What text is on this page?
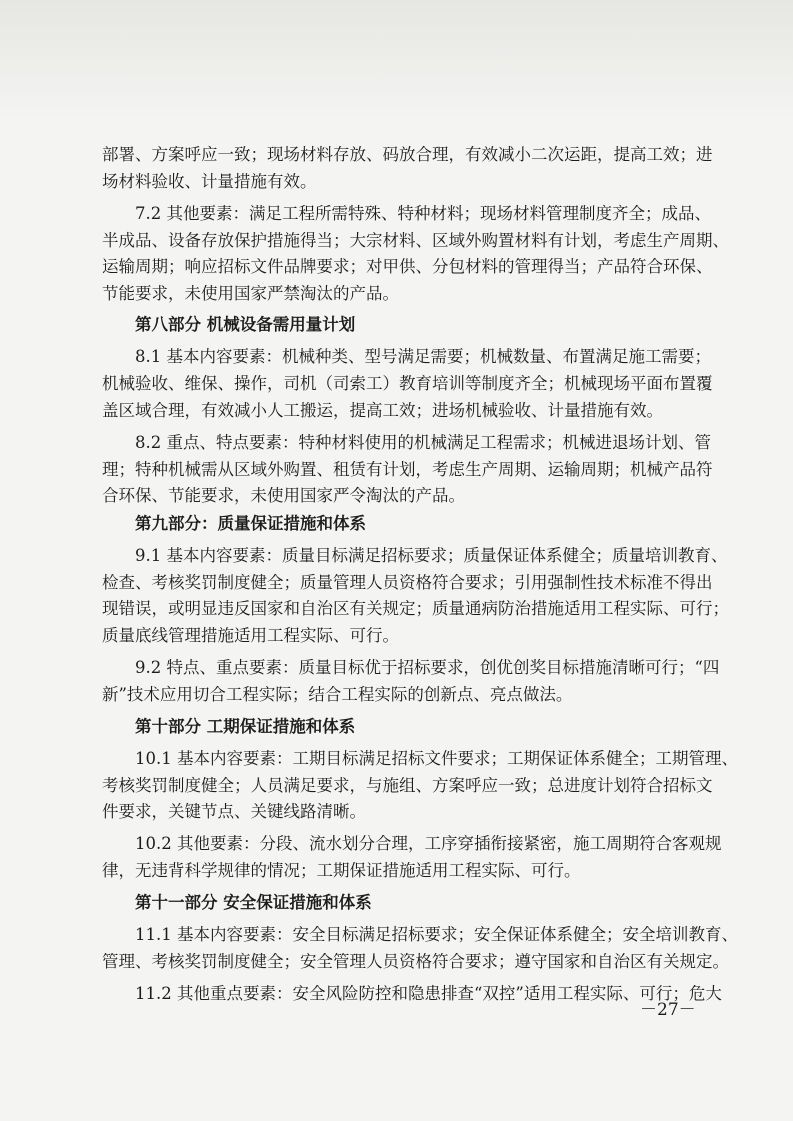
部署、方案呼应一致；现场材料存放、码放合理，有效减小二次运距，提高工效；进
场材料验收、计量措施有效。
7.2 其他要素：满足工程所需特殊、特种材料；现场材料管理制度齐全；成品、
半成品、设备存放保护措施得当；大宗材料、区域外购置材料有计划，考虑生产周期、
运输周期；响应招标文件品牌要求；对甲供、分包材料的管理得当；产品符合环保、
节能要求，未使用国家严禁淘汰的产品。
第八部分 机械设备需用量计划
8.1 基本内容要素：机械种类、型号满足需要；机械数量、布置满足施工需要；
机械验收、维保、操作，司机（司索工）教育培训等制度齐全；机械现场平面布置覆
盖区域合理，有效减小人工搬运，提高工效；进场机械验收、计量措施有效。
8.2 重点、特点要素：特种材料使用的机械满足工程需求；机械进退场计划、管
理；特种机械需从区域外购置、租赁有计划，考虑生产周期、运输周期；机械产品符
合环保、节能要求，未使用国家严令淘汰的产品。
第九部分：质量保证措施和体系
9.1 基本内容要素：质量目标满足招标要求；质量保证体系健全；质量培训教育、
检查、考核奖罚制度健全；质量管理人员资格符合要求；引用强制性技术标准不得出
现错误，或明显违反国家和自治区有关规定；质量通病防治措施适用工程实际、可行；
质量底线管理措施适用工程实际、可行。
9.2 特点、重点要素：质量目标优于招标要求，创优创奖目标措施清晰可行；“四
新”技术应用切合工程实际；结合工程实际的创新点、亮点做法。
第十部分 工期保证措施和体系
10.1 基本内容要素：工期目标满足招标文件要求；工期保证体系健全；工期管理、
考核奖罚制度健全；人员满足要求，与施组、方案呼应一致；总进度计划符合招标文
件要求，关键节点、关键线路清晰。
10.2 其他要素：分段、流水划分合理，工序穿插衔接紧密，施工周期符合客观规
律，无违背科学规律的情况；工期保证措施适用工程实际、可行。
第十一部分 安全保证措施和体系
11.1 基本内容要素：安全目标满足招标要求；安全保证体系健全；安全培训教育、
管理、考核奖罚制度健全；安全管理人员资格符合要求；遵守国家和自治区有关规定。
11.2 其他重点要素：安全风险防控和隐患排查“双控”适用工程实际、可行；危大
－27－
